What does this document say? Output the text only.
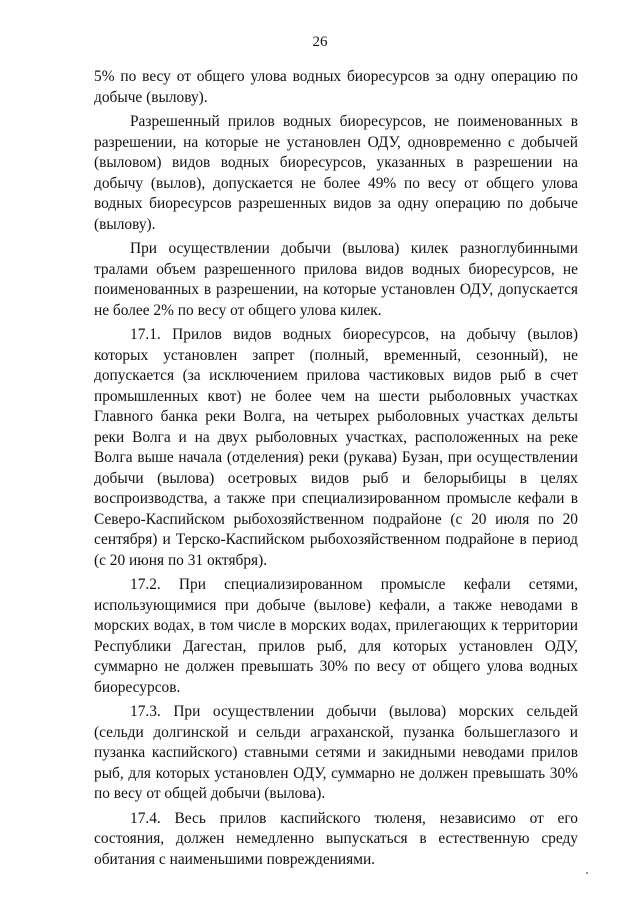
26

5% по весу от общего улова водных биоресурсов за одну операцию по добыче (вылову).

Разрешенный прилов водных биоресурсов, не поименованных в разрешении, на которые не установлен ОДУ, одновременно с добычей (выловом) видов водных биоресурсов, указанных в разрешении на добычу (вылов), допускается не более 49% по весу от общего улова водных биоресурсов разрешенных видов за одну операцию по добыче (вылову).

При осуществлении добычи (вылова) килек разноглубинными тралами объем разрешенного прилова видов водных биоресурсов, не поименованных в разрешении, на которые установлен ОДУ, допускается не более 2% по весу от общего улова килек.

17.1. Прилов видов водных биоресурсов, на добычу (вылов) которых установлен запрет (полный, временный, сезонный), не допускается (за исключением прилова частиковых видов рыб в счет промышленных квот) не более чем на шести рыболовных участках Главного банка реки Волга, на четырех рыболовных участках дельты реки Волга и на двух рыболовных участках, расположенных на реке Волга выше начала (отделения) реки (рукава) Бузан, при осуществлении добычи (вылова) осетровых видов рыб и белорыбицы в целях воспроизводства, а также при специализированном промысле кефали в Северо-Каспийском рыбохозяйственном подрайоне (с 20 июля по 20 сентября) и Терско-Каспийском рыбохозяйственном подрайоне в период (с 20 июня по 31 октября).

17.2. При специализированном промысле кефали сетями, использующимися при добыче (вылове) кефали, а также неводами в морских водах, в том числе в морских водах, прилегающих к территории Республики Дагестан, прилов рыб, для которых установлен ОДУ, суммарно не должен превышать 30% по весу от общего улова водных биоресурсов.

17.3. При осуществлении добычи (вылова) морских сельдей (сельди долгинской и сельди аграханской, пузанка большеглазого и пузанка каспийского) ставными сетями и закидными неводами прилов рыб, для которых установлен ОДУ, суммарно не должен превышать 30% по весу от общей добычи (вылова).

17.4. Весь прилов каспийского тюленя, независимо от его состояния, должен немедленно выпускаться в естественную среду обитания с наименьшими повреждениями.
